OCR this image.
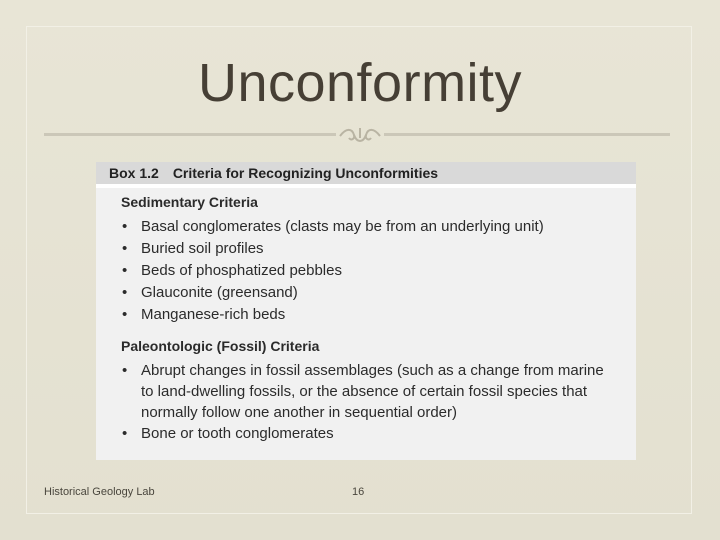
Unconformity
Box 1.2 Criteria for Recognizing Unconformities
Sedimentary Criteria
• Basal conglomerates (clasts may be from an underlying unit)
• Buried soil profiles
• Beds of phosphatized pebbles
• Glauconite (greensand)
• Manganese-rich beds
Paleontologic (Fossil) Criteria
• Abrupt changes in fossil assemblages (such as a change from marine to land-dwelling fossils, or the absence of certain fossil species that normally follow one another in sequential order)
• Bone or tooth conglomerates
Historical Geology Lab	16
